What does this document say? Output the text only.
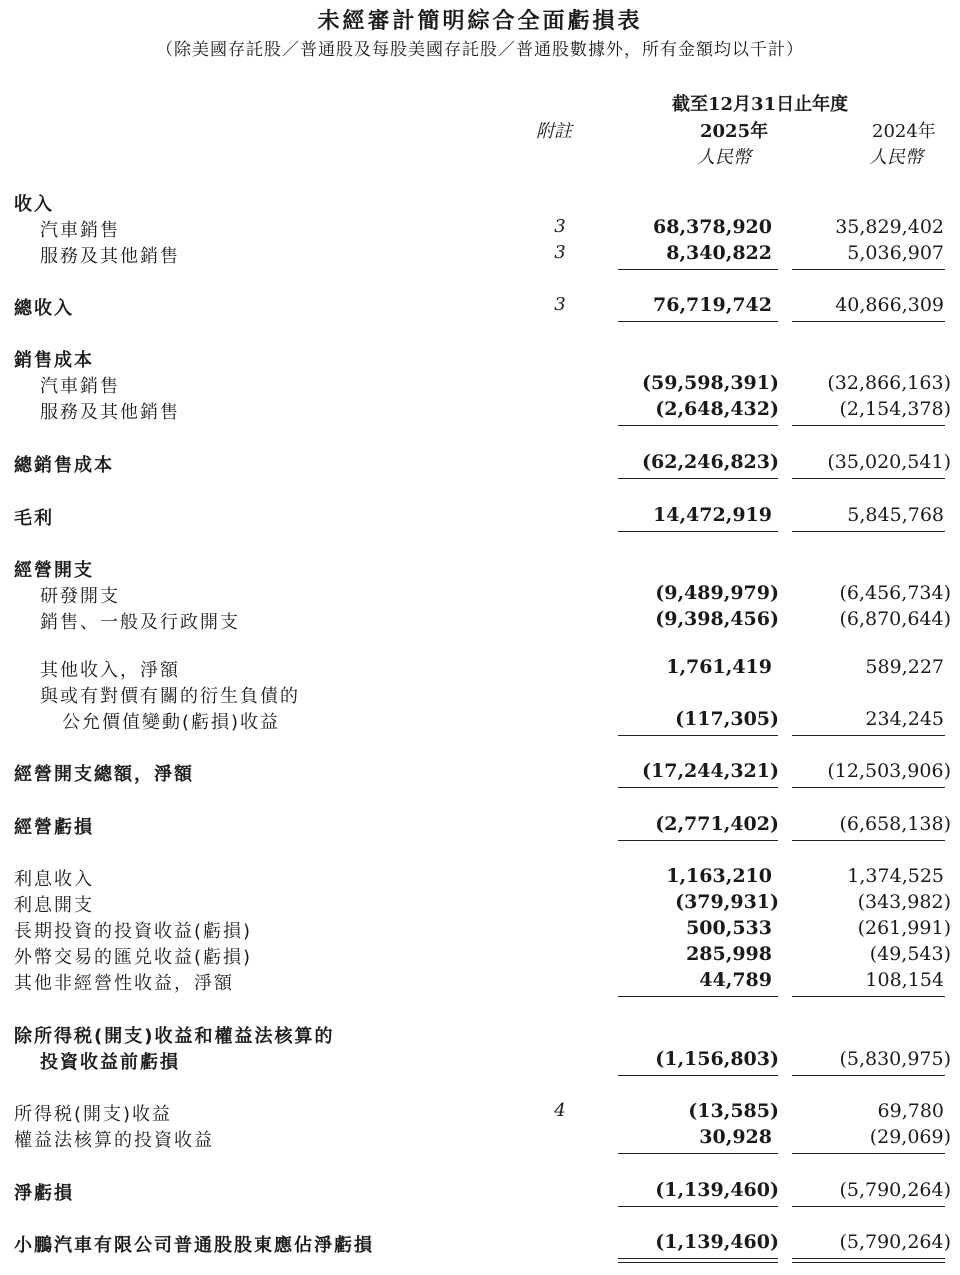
未經審計簡明綜合全面虧損表
（除美國存託股／普通股及每股美國存託股／普通股數據外，所有金額均以千計）
截至12月31日止年度
附註	2025年	2024年
人民幣	人民幣
收入
汽車銷售	3	68,378,920	35,829,402
服務及其他銷售	3	8,340,822	5,036,907
總收入	3	76,719,742	40,866,309
銷售成本
汽車銷售	(59,598,391)	(32,866,163)
服務及其他銷售	(2,648,432)	(2,154,378)
總銷售成本	(62,246,823)	(35,020,541)
毛利	14,472,919	5,845,768
經營開支
研發開支	(9,489,979)	(6,456,734)
銷售、一般及行政開支	(9,398,456)	(6,870,644)
其他收入，淨額	1,761,419	589,227
與或有對價有關的衍生負債的
公允價值變動(虧損)收益	(117,305)	234,245
經營開支總額，淨額	(17,244,321)	(12,503,906)
經營虧損	(2,771,402)	(6,658,138)
利息收入	1,163,210	1,374,525
利息開支	(379,931)	(343,982)
長期投資的投資收益(虧損)	500,533	(261,991)
外幣交易的匯兑收益(虧損)	285,998	(49,543)
其他非經營性收益，淨額	44,789	108,154
除所得税(開支)收益和權益法核算的
投資收益前虧損	(1,156,803)	(5,830,975)
所得税(開支)收益	4	(13,585)	69,780
權益法核算的投資收益	30,928	(29,069)
淨虧損	(1,139,460)	(5,790,264)
小鵬汽車有限公司普通股股東應佔淨虧損	(1,139,460)	(5,790,264)
